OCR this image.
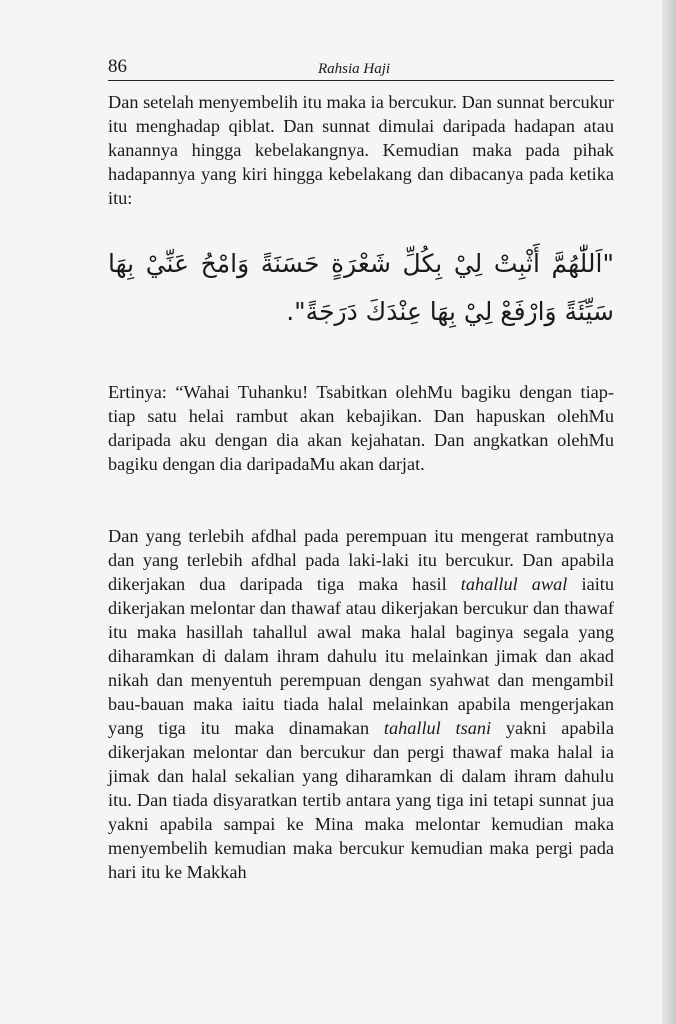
86	Rahsia Haji

Dan setelah menyembelih itu maka ia bercukur. Dan sunnat bercukur itu menghadap qiblat. Dan sunnat dimulai daripada hadapan atau kanannya hingga kebelakangnya. Kemudian maka pada pihak hadapannya yang kiri hingga kebelakang dan dibacanya pada ketika itu:

"اَللّٰهُمَّ أَثْبِتْ لِيْ بِكُلِّ شَعْرَةٍ حَسَنَةً وَامْحُ عَنِّيْ بِهَا سَيِّئَةً وَارْفَعْ لِيْ بِهَا عِنْدَكَ دَرَجَةً".

Ertinya: “Wahai Tuhanku! Tsabitkan olehMu bagiku dengan tiap-tiap satu helai rambut akan kebajikan. Dan hapuskan olehMu daripada aku dengan dia akan kejahatan. Dan angkatkan olehMu bagiku dengan dia daripadaMu akan darjat.

Dan yang terlebih afdhal pada perempuan itu mengerat rambutnya dan yang terlebih afdhal pada laki-laki itu bercukur. Dan apabila dikerjakan dua daripada tiga maka hasil tahallul awal iaitu dikerjakan melontar dan thawaf atau dikerjakan bercukur dan thawaf itu maka hasillah tahallul awal maka halal baginya segala yang diharamkan di dalam ihram dahulu itu melainkan jimak dan akad nikah dan menyentuh perempuan dengan syahwat dan mengambil bau-bauan maka iaitu tiada halal melainkan apabila mengerjakan yang tiga itu maka dinamakan tahallul tsani yakni apabila dikerjakan melontar dan bercukur dan pergi thawaf maka halal ia jimak dan halal sekalian yang diharamkan di dalam ihram dahulu itu. Dan tiada disyaratkan tertib antara yang tiga ini tetapi sunnat jua yakni apabila sampai ke Mina maka melontar kemudian maka menyembelih kemudian maka bercukur kemudian maka pergi pada hari itu ke Makkah
